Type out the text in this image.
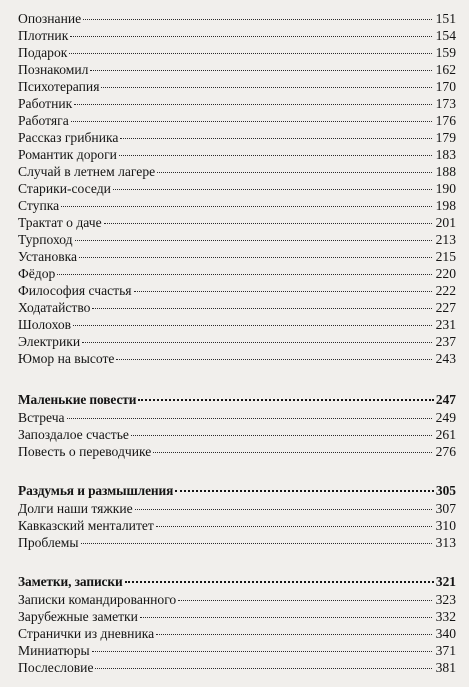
Опознание	151
Плотник	154
Подарок	159
Познакомил	162
Психотерапия	170
Работник	173
Работяга	176
Рассказ грибника	179
Романтик дороги	183
Случай в летнем лагере	188
Старики-соседи	190
Ступка	198
Трактат о даче	201
Турпоход	213
Установка	215
Фёдор	220
Философия счастья	222
Ходатайство	227
Шолохов	231
Электрики	237
Юмор на высоте	243
Маленькие повести	247
Встреча	249
Запоздалое счастье	261
Повесть о переводчике	276
Раздумья и размышления	305
Долги наши тяжкие	307
Кавказский менталитет	310
Проблемы	313
Заметки, записки	321
Записки командированного	323
Зарубежные заметки	332
Странички из дневника	340
Миниатюры	371
Послесловие	381
